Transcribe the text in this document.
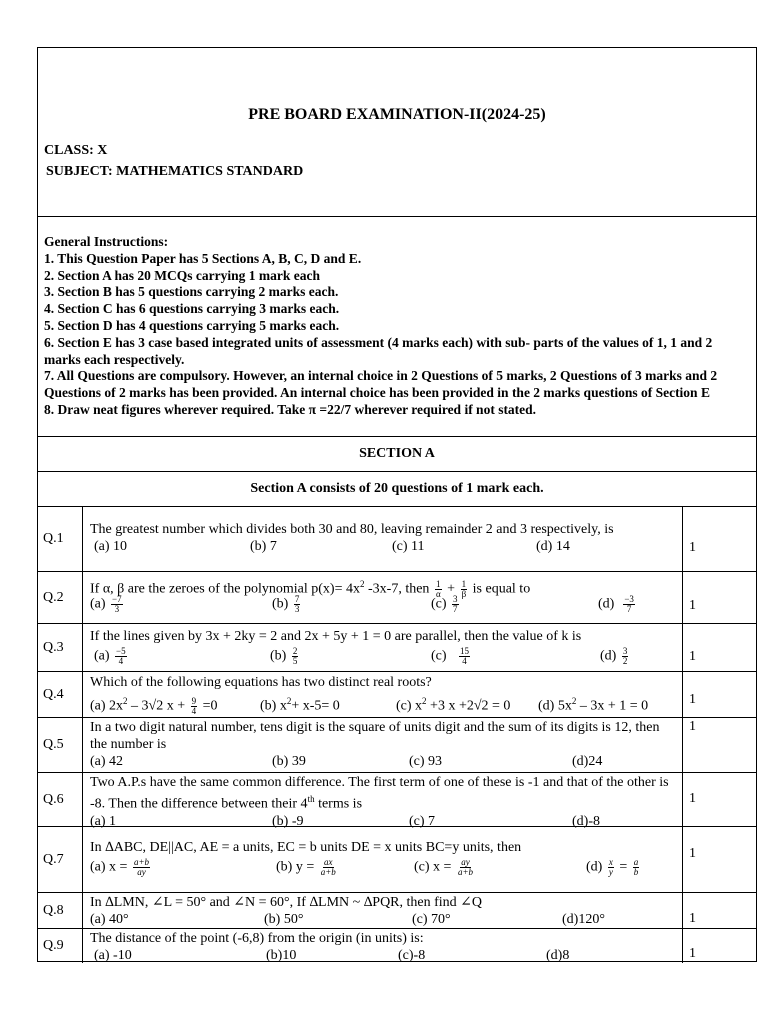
PRE BOARD EXAMINATION-II(2024-25)
CLASS: X
SUBJECT: MATHEMATICS STANDARD
General Instructions:
1. This Question Paper has 5 Sections A, B, C, D and E.
2. Section A has 20 MCQs carrying 1 mark each
3. Section B has 5 questions carrying 2 marks each.
4. Section C has 6 questions carrying 3 marks each.
5. Section D has 4 questions carrying 5 marks each.
6. Section E has 3 case based integrated units of assessment (4 marks each) with sub- parts of the values of 1, 1 and 2 marks each respectively.
7. All Questions are compulsory. However, an internal choice in 2 Questions of 5 marks, 2 Questions of 3 marks and 2 Questions of 2 marks has been provided. An internal choice has been provided in the 2 marks questions of Section E
8. Draw neat figures wherever required. Take π =22/7 wherever required if not stated.
SECTION A
Section A consists of 20 questions of 1 mark each.
Q.1
The greatest number which divides both 30 and 80, leaving remainder 2 and 3 respectively, is
(a) 10	(b) 7	(c) 11	(d) 14	1
Q.2
If α, β are the zeroes of the polynomial $p(x)= 4x^2$ -3x-7, then $\frac{1}{\alpha} + \frac{1}{\beta}$ is equal to
$(a) \frac{-7}{3}$	$(b) \frac{7}{3}$	$(c) \frac{3}{7}$	$(d) \frac{-3}{7}$	1
Q.3
If the lines given by 3x + 2ky = 2 and 2x + 5y + 1 = 0 are parallel, then the value of k is
$(a) \frac{-5}{4}$	$(b) \frac{2}{5}$	$(c) \frac{15}{4}$	$(d) \frac{3}{2}$	1
Q.4
Which of the following equations has two distinct real roots?
(a) $2x^2 - 3√2$ $x + \frac{9}{4} =0$	(b) $x^2+ x-5= 0$	(c) $x^2 +3$ x +2√2 = 0 (d) $5x^2 - 3x + 1 = 0$	1
Q.5
In a two digit natural number, tens digit is the square of units digit and the sum of its digits is 12, then the number is
(a) 42	(b) 39	(c) 93	(d)24
1
Q.6
Two A.P.s have the same common difference. The first term of one of these is -1 and that of the other is -8. Then the difference between their 4th terms is
(a) 1	(b) -9	(c) 7	(d)-8
1
Q.7
In ∆ABC, DE||AC, AE = a units, EC = b units DE = x units BC=y units, then
(a) $x = \frac{a+b}{ay}$	(b) $y = \frac{ax}{a+b}$	(c) $x = \frac{ay}{a+b}$	$(d) \frac{x}{y} = \frac{a}{b}$
1
Q.8	In ∆LMN, ∠L = 50° and ∠N = 60°, If ∆LMN ~ ∆PQR, then find ∠Q
(a) 40°	(b) 50°	(c) 70°	(d)120°	1
Q.9	The distance of the point (-6,8) from the origin (in units) is:
(a) -10	(b)10	(c)-8	(d)8	1
